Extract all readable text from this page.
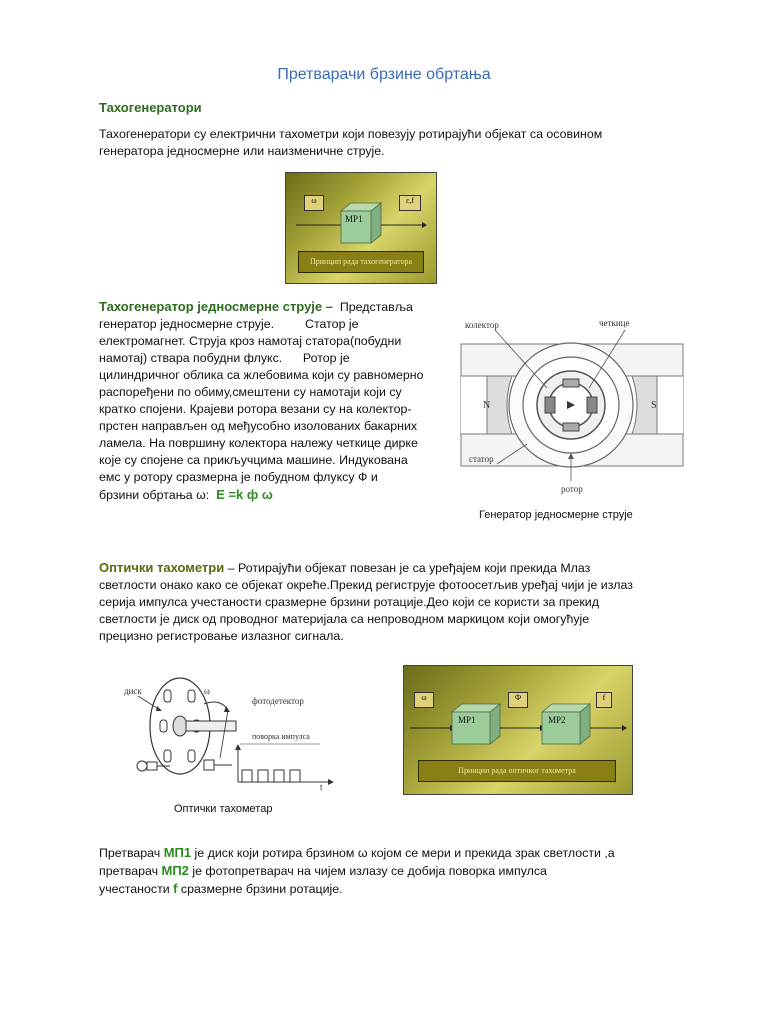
Претварачи брзине обртања
Тахогенератори
Тахогенератори су електрични тахометри који повезују ротирајући објекат са осовином генератора једносмерне или наизменичне струје.
ω	ε,f
MP1
Принцип рада тахогенератора
Тахогенератор једносмерне струје – Представља
генератор једносмерне струје.         Статор је
електромагнет. Струја кроз намотај статора(побудни
намотај) ствара побудни флукс.      Ротор је
цилиндричног облика са жлебовима који су равномерно
распоређени по обиму,смештени су намотаји који су
кратко спојени. Крајеви ротора везани су на колектор-
прстен направљен од међусобно изолованих бакарних
ламела. На површину колектора належу четкице дирке
које су спојене са прикључцима машине. Индукована
емс у ротору сразмерна је побудном флуксу Ф и
брзини обртања ω: E =k ф ω
колектор	четкице
N	S
статор
ротор
Генератор једносмерне струје
Оптички тахометри – Ротирајући објекат повезан је са уређајем који прекида Млаз
светлости онако како се објекат окреће.Прекид региструје фотоосетљив уређај чији је излаз
серија импулса учестаности сразмерне брзини ротације.Део који се користи за прекид
светлости је диск од проводног материјала са непроводном маркицом који омогућује
прецизно регистровање излазног сигнала.
диск	ω
фотодетектор
поворка импулса
t
Оптички тахометар
ω	Ф	f
MP1	MP2
Принцип рада оптичког тахометра
Претварач МП1 је диск који ротира брзином ω којом се мери и прекида зрак светлости ,а
претварач МП2 је фотопретварач на чијем излазу се добија поворка импулса
учестаности f сразмерне брзини ротације.
